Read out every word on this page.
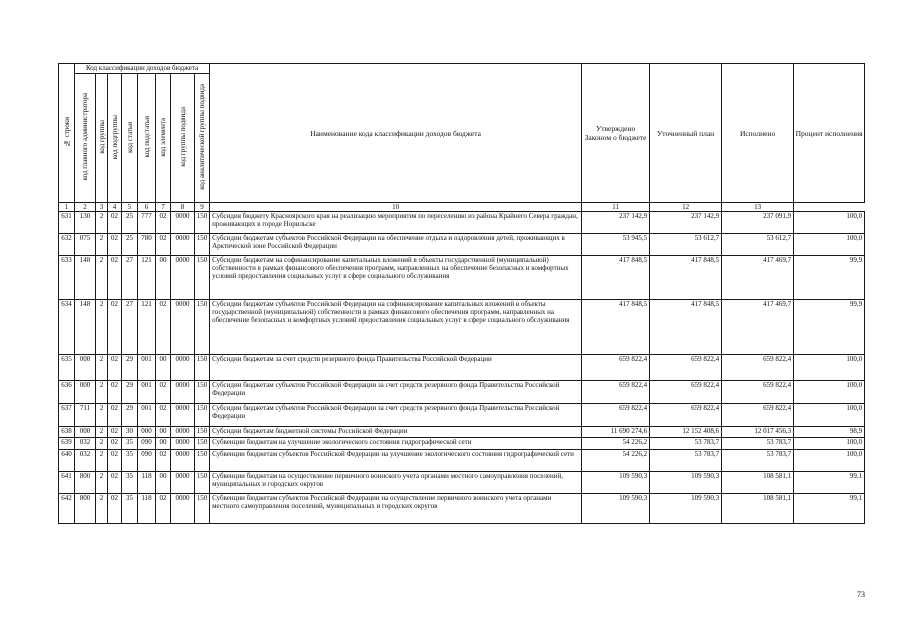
№ строки	Код классификации доходов бюджета								Наименование кода классификации доходов бюджета	Утверждено Законом о бюджете	Уточненный план	Исполнено	Процент исполнения
	код главного администратора	код группы	код подгруппы	код статьи	код подстатьи	код элемента	код группы подвида	код аналитической группы подвида					
1	2	3	4	5	6	7	8	9	10	11	12	13	
631	130	2	02	25	777	02	0000	150	Субсидия бюджету Красноярского края на реализацию мероприятия по переселению из района Крайнего Севера граждан, проживающих в городе Норильске	237 142,9	237 142,9	237 091,9	100,0
632	075	2	02	25	780	02	0000	150	Субсидии бюджетам субъектов Российской Федерации на обеспечение отдыха и оздоровления детей, проживающих в Арктической зоне Российской Федерации	53 945,5	53 612,7	53 612,7	100,0
633	148	2	02	27	121	00	0000	150	Субсидии бюджетам на софинансирование капитальных вложений в объекты государственной (муниципальной) собственности в рамках финансового обеспечения программ, направленных на обеспечение безопасных и комфортных условий предоставления социальных услуг в сфере социального обслуживания	417 848,5	417 848,5	417 469,7	99,9
634	148	2	02	27	121	02	0000	150	Субсидии бюджетам субъектов Российской Федерации на софинансирование капитальных вложений в объекты государственной (муниципальной) собственности в рамках финансового обеспечения программ, направленных на обеспечение безопасных и комфортных условий предоставления социальных услуг в сфере социального обслуживания	417 848,5	417 848,5	417 469,7	99,9
635	000	2	02	29	001	00	0000	150	Субсидии бюджетам за счет средств резервного фонда Правительства Российской Федерации	659 822,4	659 822,4	659 822,4	100,0
636	000	2	02	29	001	02	0000	150	Субсидии бюджетам субъектов Российской Федерации за счет средств резервного фонда Правительства Российской Федерации	659 822,4	659 822,4	659 822,4	100,0
637	711	2	02	29	001	02	0000	150	Субсидии бюджетам субъектов Российской Федерации за счет средств резервного фонда Правительства Российской Федерации	659 822,4	659 822,4	659 822,4	100,0
638	000	2	02	30	000	00	0000	150	Субсидии бюджетам бюджетной системы Российской Федерации	11 690 274,6	12 152 408,6	12 017 456,3	98,9
639	032	2	02	35	090	00	0000	150	Субвенции бюджетам на улучшение экологического состояния гидрографической сети	54 226,2	53 783,7	53 783,7	100,0
640	032	2	02	35	090	02	0000	150	Субвенции бюджетам субъектов Российской Федерации на улучшение экологического состояния гидрографической сети	54 226,2	53 783,7	53 783,7	100,0
641	800	2	02	35	118	00	0000	150	Субвенции бюджетам на осуществление первичного воинского учета органами местного самоуправления поселений, муниципальных и городских округов	109 590,3	109 590,3	108 581,1	99,1
642	800	2	02	35	118	02	0000	150	Субвенции бюджетам субъектов Российской Федерации на осуществление первичного воинского учета органами местного самоуправления поселений, муниципальных и городских округов	109 590,3	109 590,3	108 581,1	99,1
73
